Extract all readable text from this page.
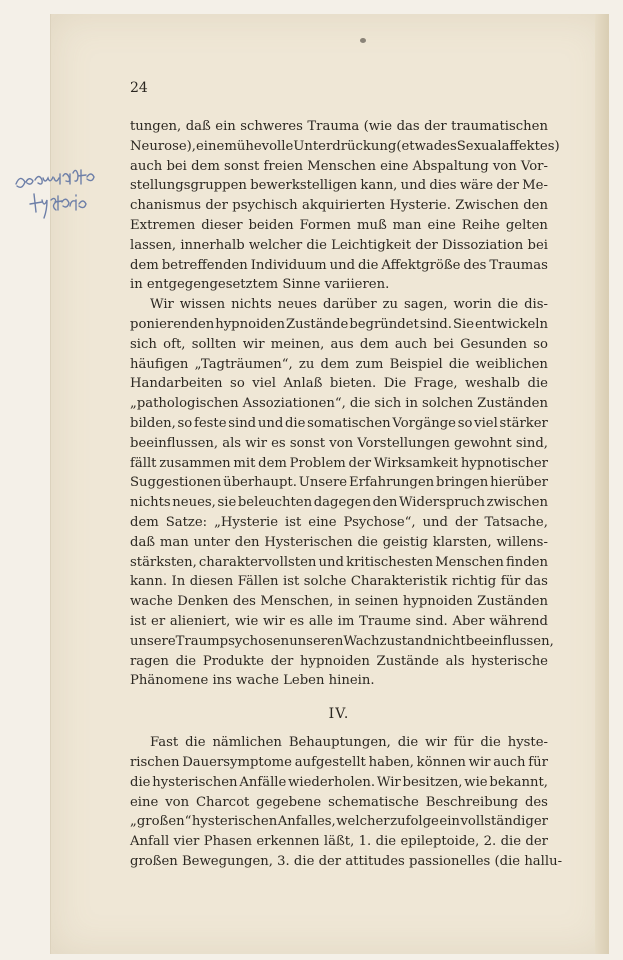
24
tungen, daß ein schweres Trauma (wie das der traumatischen
Neurose), eine mühevolle Unterdrückung (etwa des Sexualaffektes)
auch bei dem sonst freien Menschen eine Abspaltung von Vor-
stellungsgruppen bewerkstelligen kann, und dies wäre der Me-
chanismus der psychisch akquirierten Hysterie. Zwischen den
Extremen dieser beiden Formen muß man eine Reihe gelten
lassen, innerhalb welcher die Leichtigkeit der Dissoziation bei
dem betreffenden Individuum und die Affektgröße des Traumas
in entgegengesetztem Sinne variieren.
Wir wissen nichts neues darüber zu sagen, worin die dis-
ponierenden hypnoiden Zustände begründet sind. Sie entwickeln
sich oft, sollten wir meinen, aus dem auch bei Gesunden so
häufigen „Tagträumen“, zu dem zum Beispiel die weiblichen
Handarbeiten so viel Anlaß bieten. Die Frage, weshalb die
„pathologischen Assoziationen“, die sich in solchen Zuständen
bilden, so feste sind und die somatischen Vorgänge so viel stärker
beeinflussen, als wir es sonst von Vorstellungen gewohnt sind,
fällt zusammen mit dem Problem der Wirksamkeit hypnotischer
Suggestionen überhaupt. Unsere Erfahrungen bringen hierüber
nichts neues, sie beleuchten dagegen den Widerspruch zwischen
dem Satze: „Hysterie ist eine Psychose“, und der Tatsache,
daß man unter den Hysterischen die geistig klarsten, willens-
stärksten, charaktervollsten und kritischesten Menschen finden
kann. In diesen Fällen ist solche Charakteristik richtig für das
wache Denken des Menschen, in seinen hypnoiden Zuständen
ist er alieniert, wie wir es alle im Traume sind. Aber während
unsere Traumpsychosen unseren Wachzustand nicht beeinflussen,
ragen die Produkte der hypnoiden Zustände als hysterische
Phänomene ins wache Leben hinein.
IV.
Fast die nämlichen Behauptungen, die wir für die hyste-
rischen Dauersymptome aufgestellt haben, können wir auch für
die hysterischen Anfälle wiederholen. Wir besitzen, wie bekannt,
eine von Charcot gegebene schematische Beschreibung des
„großen“ hysterischen Anfalles, welcher zufolge ein vollständiger
Anfall vier Phasen erkennen läßt, 1. die epileptoide, 2. die der
großen Bewegungen, 3. die der attitudes passionelles (die hallu-
